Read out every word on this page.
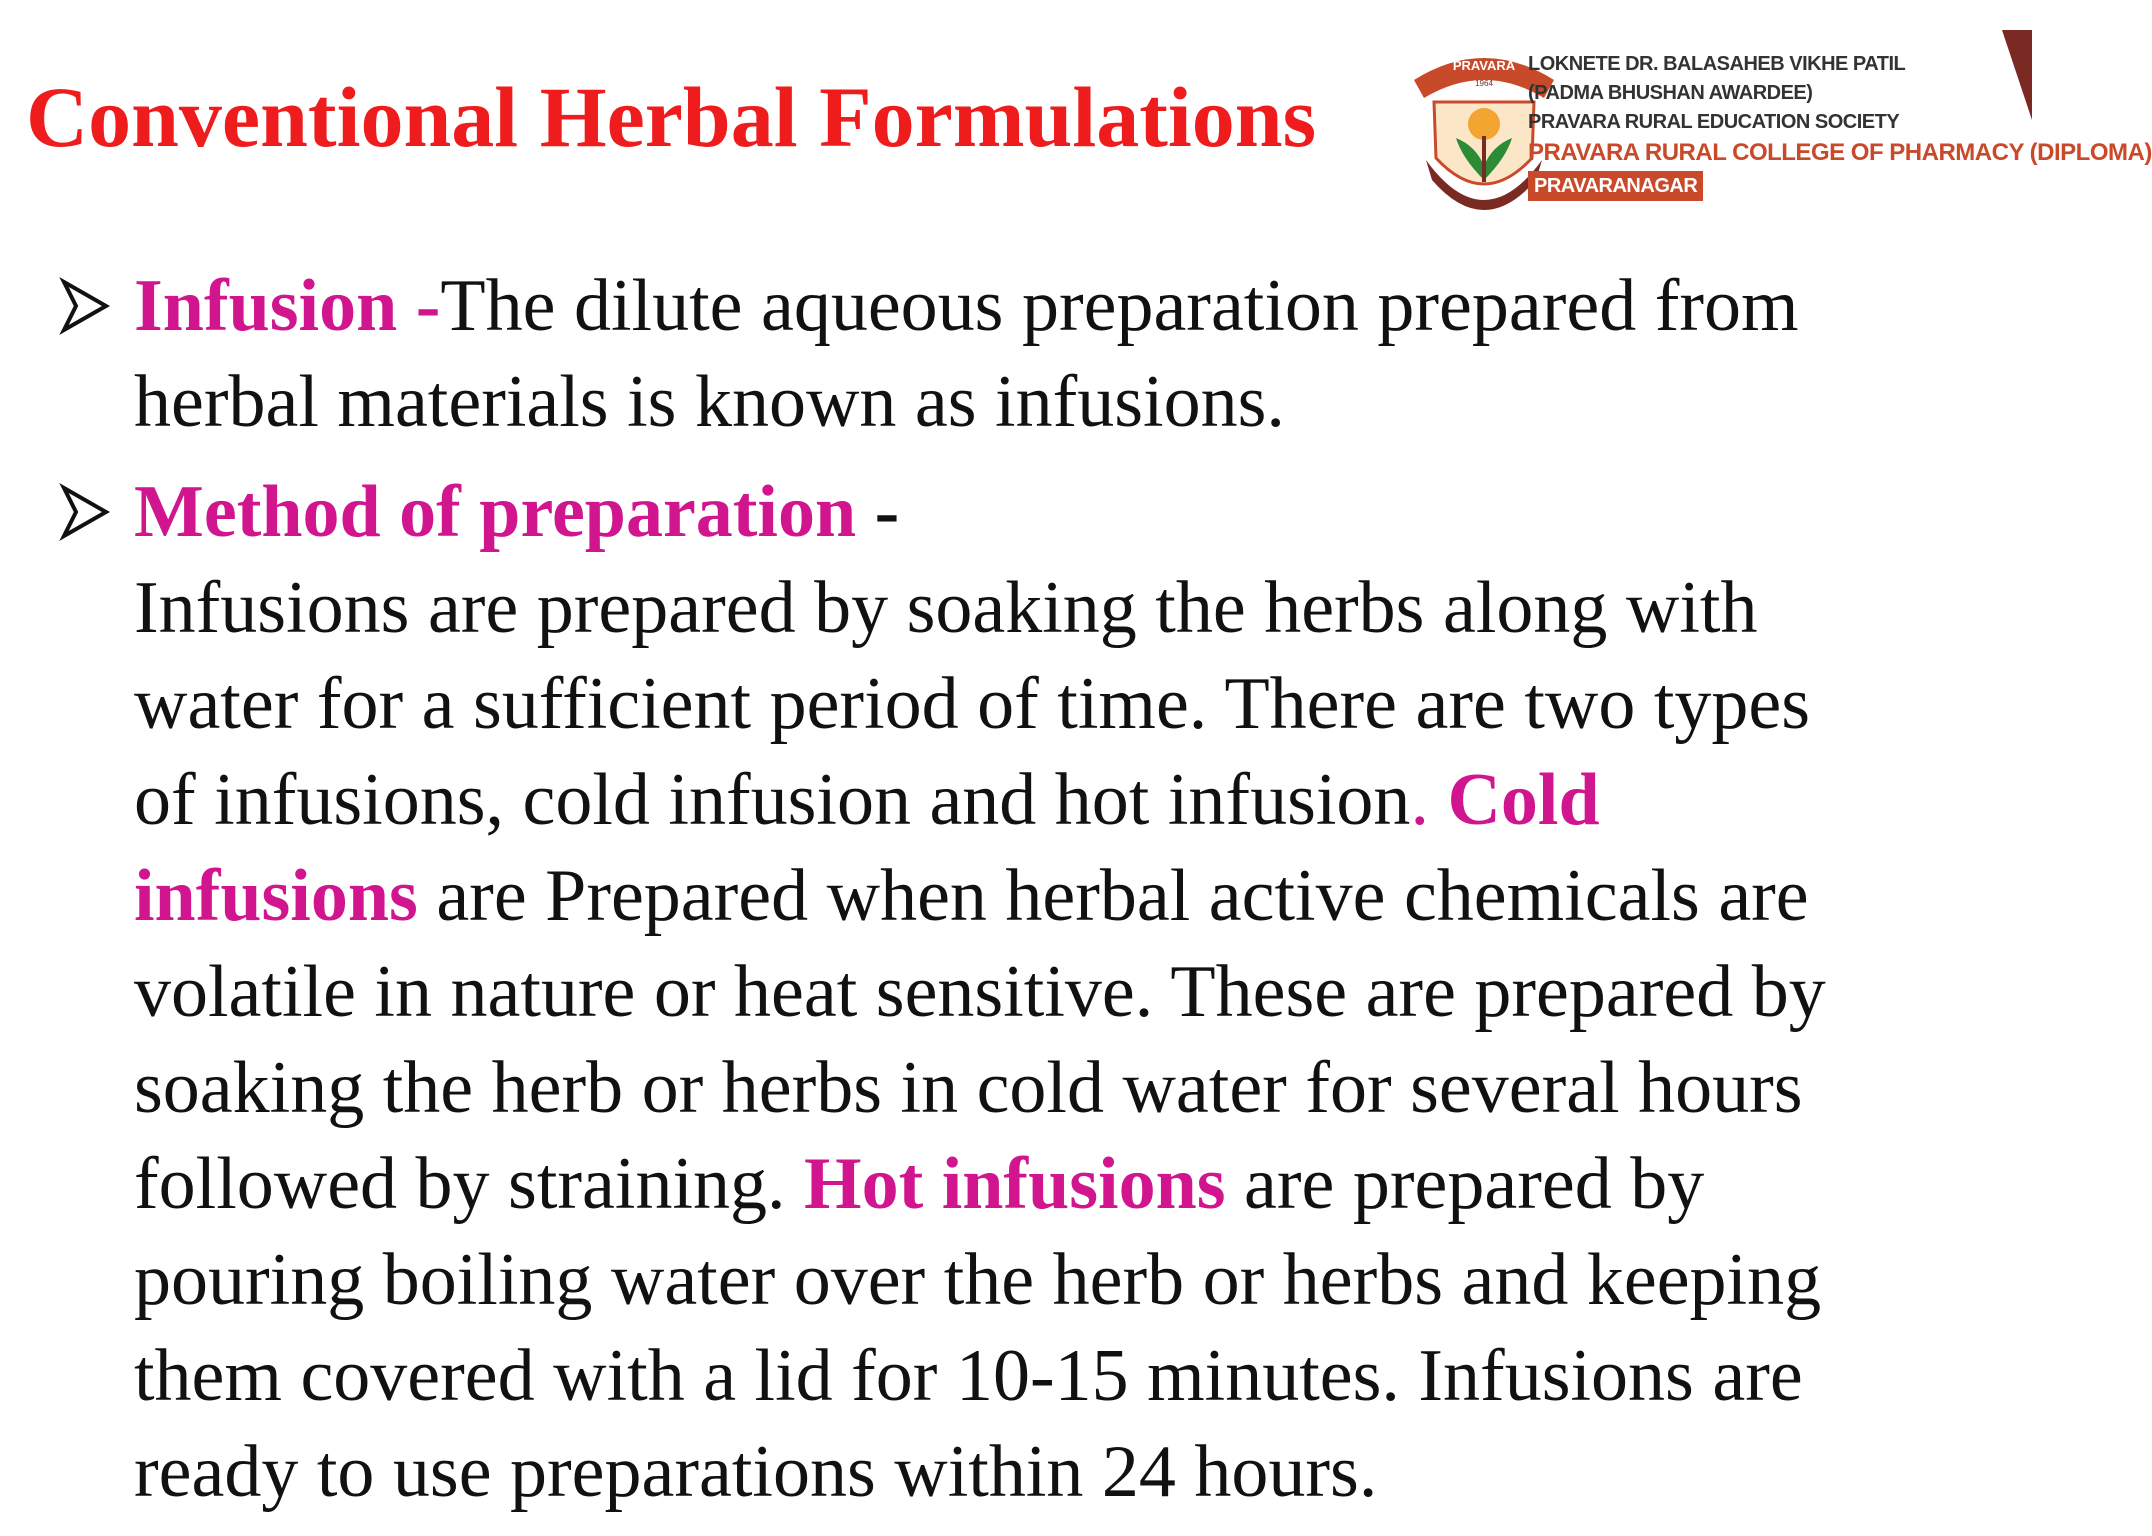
Conventional Herbal Formulations
PRAVARA
1964
LOKNETE DR. BALASAHEB VIKHE PATIL
(PADMA BHUSHAN AWARDEE)
PRAVARA RURAL EDUCATION SOCIETY
PRAVARA RURAL COLLEGE OF PHARMACY (DIPLOMA)
PRAVARANAGAR
Infusion -The dilute aqueous preparation prepared from
herbal materials is known as infusions.
Method of preparation -
Infusions are prepared by soaking the herbs along with
water for a sufficient period of time. There are two types
of infusions, cold infusion and hot infusion. Cold
infusions are Prepared when herbal active chemicals are
volatile in nature or heat sensitive. These are prepared by
soaking the herb or herbs in cold water for several hours
followed by straining. Hot infusions are prepared by
pouring boiling water over the herb or herbs and keeping
them covered with a lid for 10-15 minutes. Infusions are
ready to use preparations within 24 hours.
